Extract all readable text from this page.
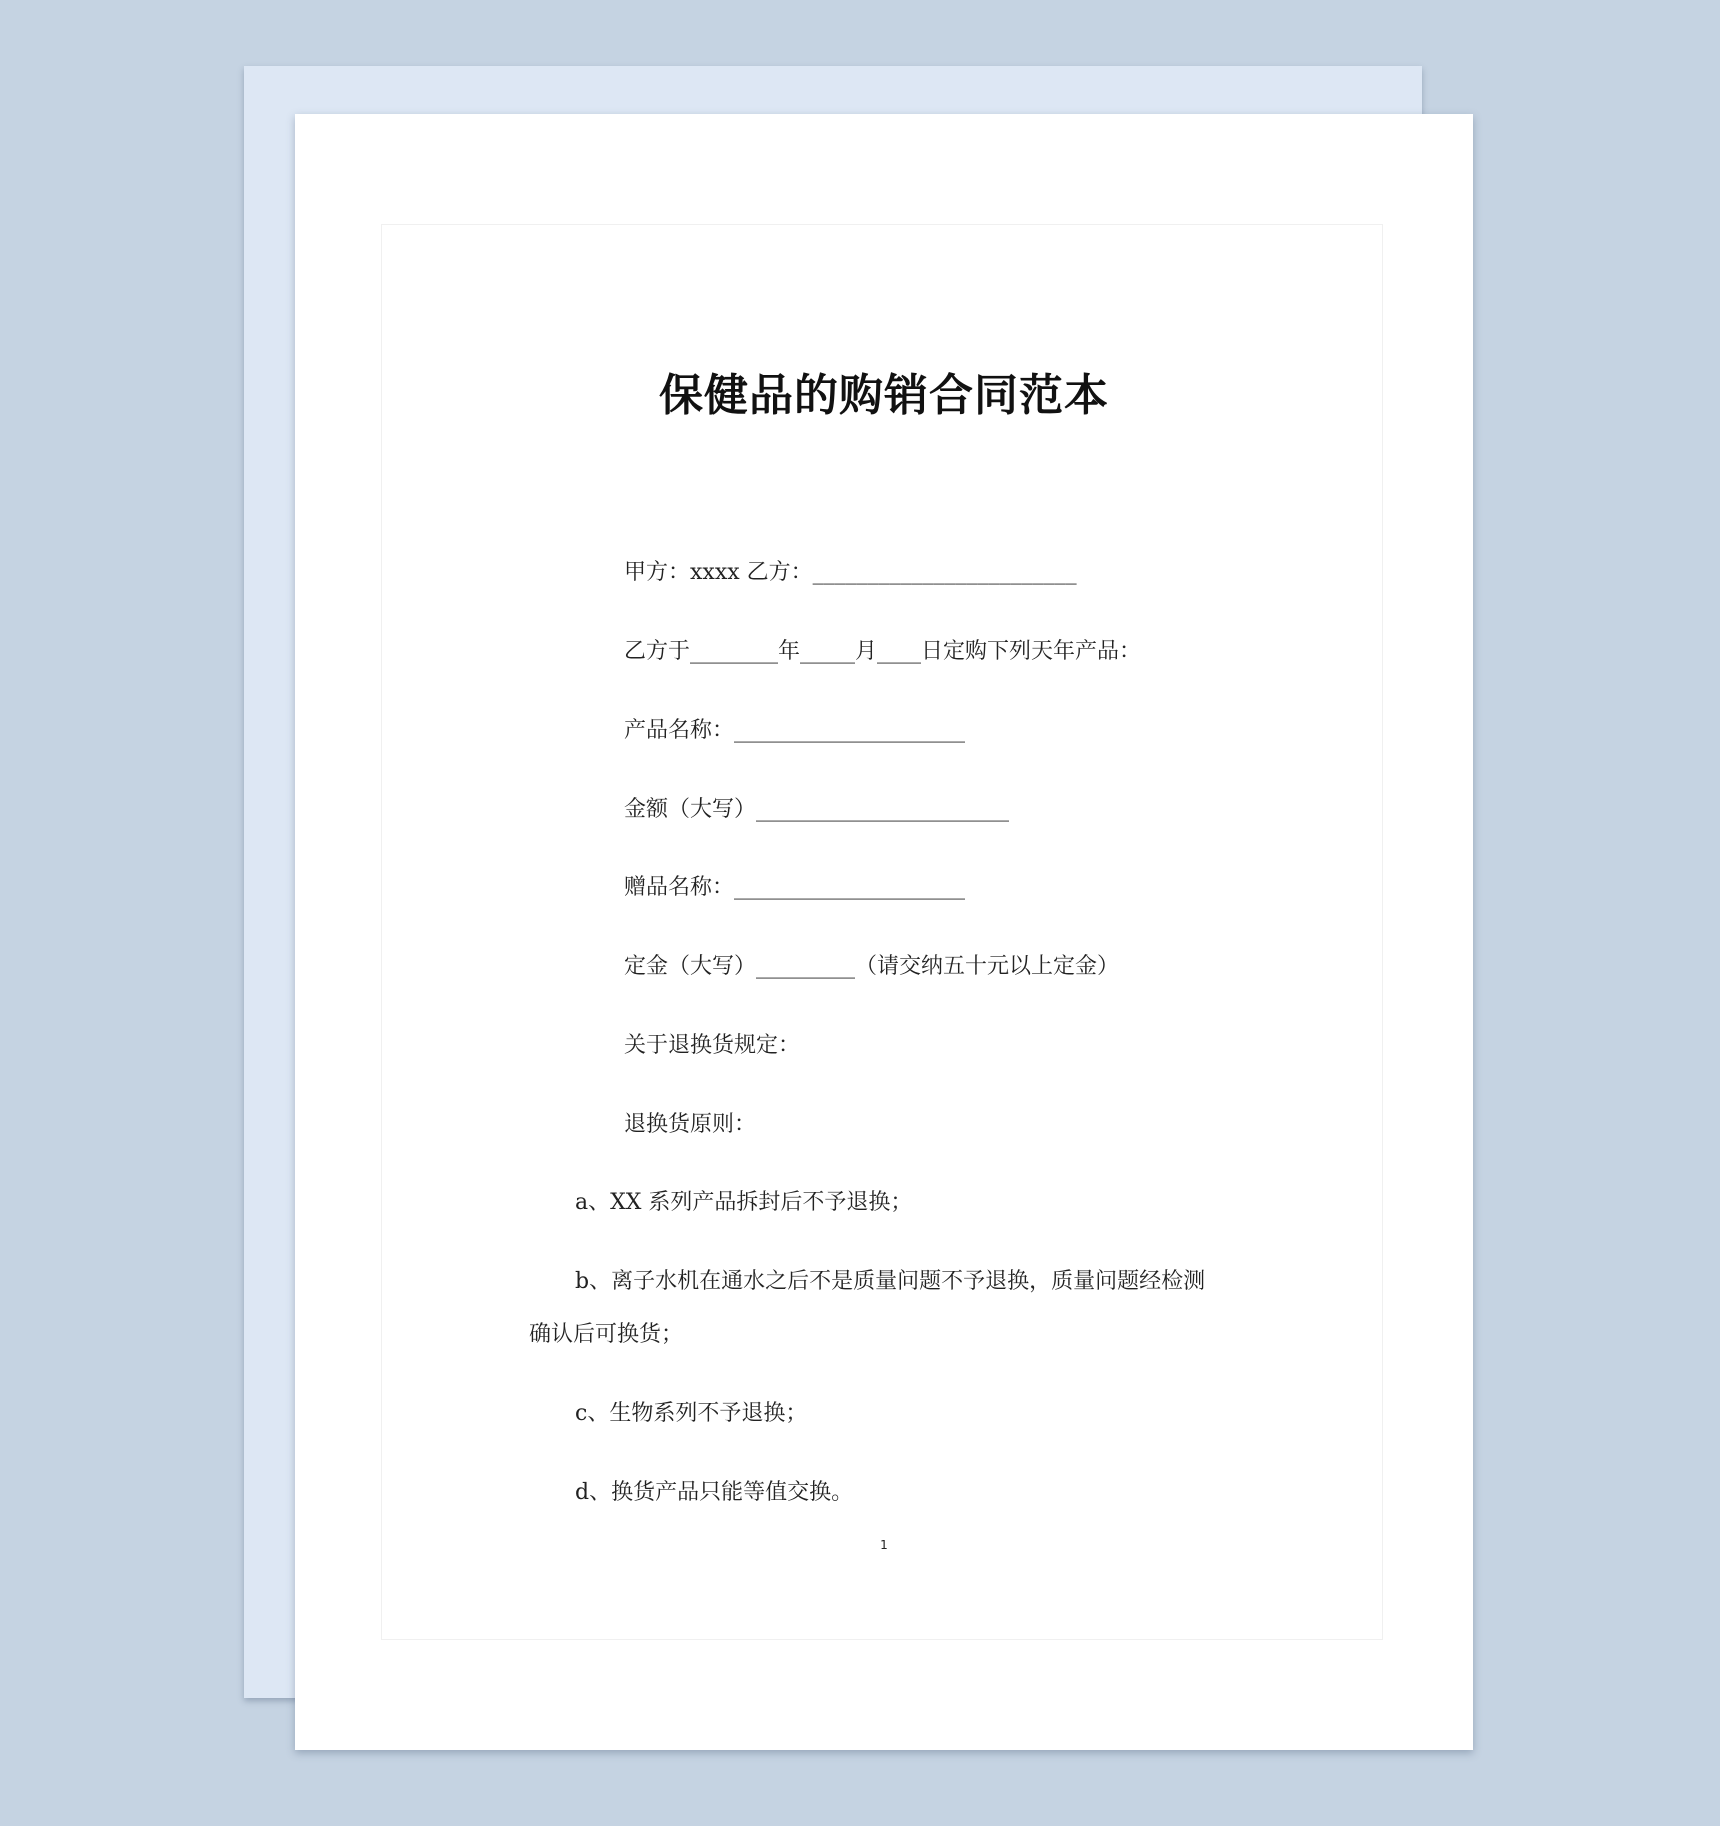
保健品的购销合同范本
甲方：xxxx 乙方：________________________
乙方于________年_____月____日定购下列天年产品：
产品名称：_____________________
金额（大写）_______________________
赠品名称：_____________________
定金（大写）_________（请交纳五十元以上定金）
关于退换货规定：
退换货原则：
a、XX 系列产品拆封后不予退换；
b、离子水机在通水之后不是质量问题不予退换，质量问题经检测
确认后可换货；
c、生物系列不予退换；
d、换货产品只能等值交换。
1
